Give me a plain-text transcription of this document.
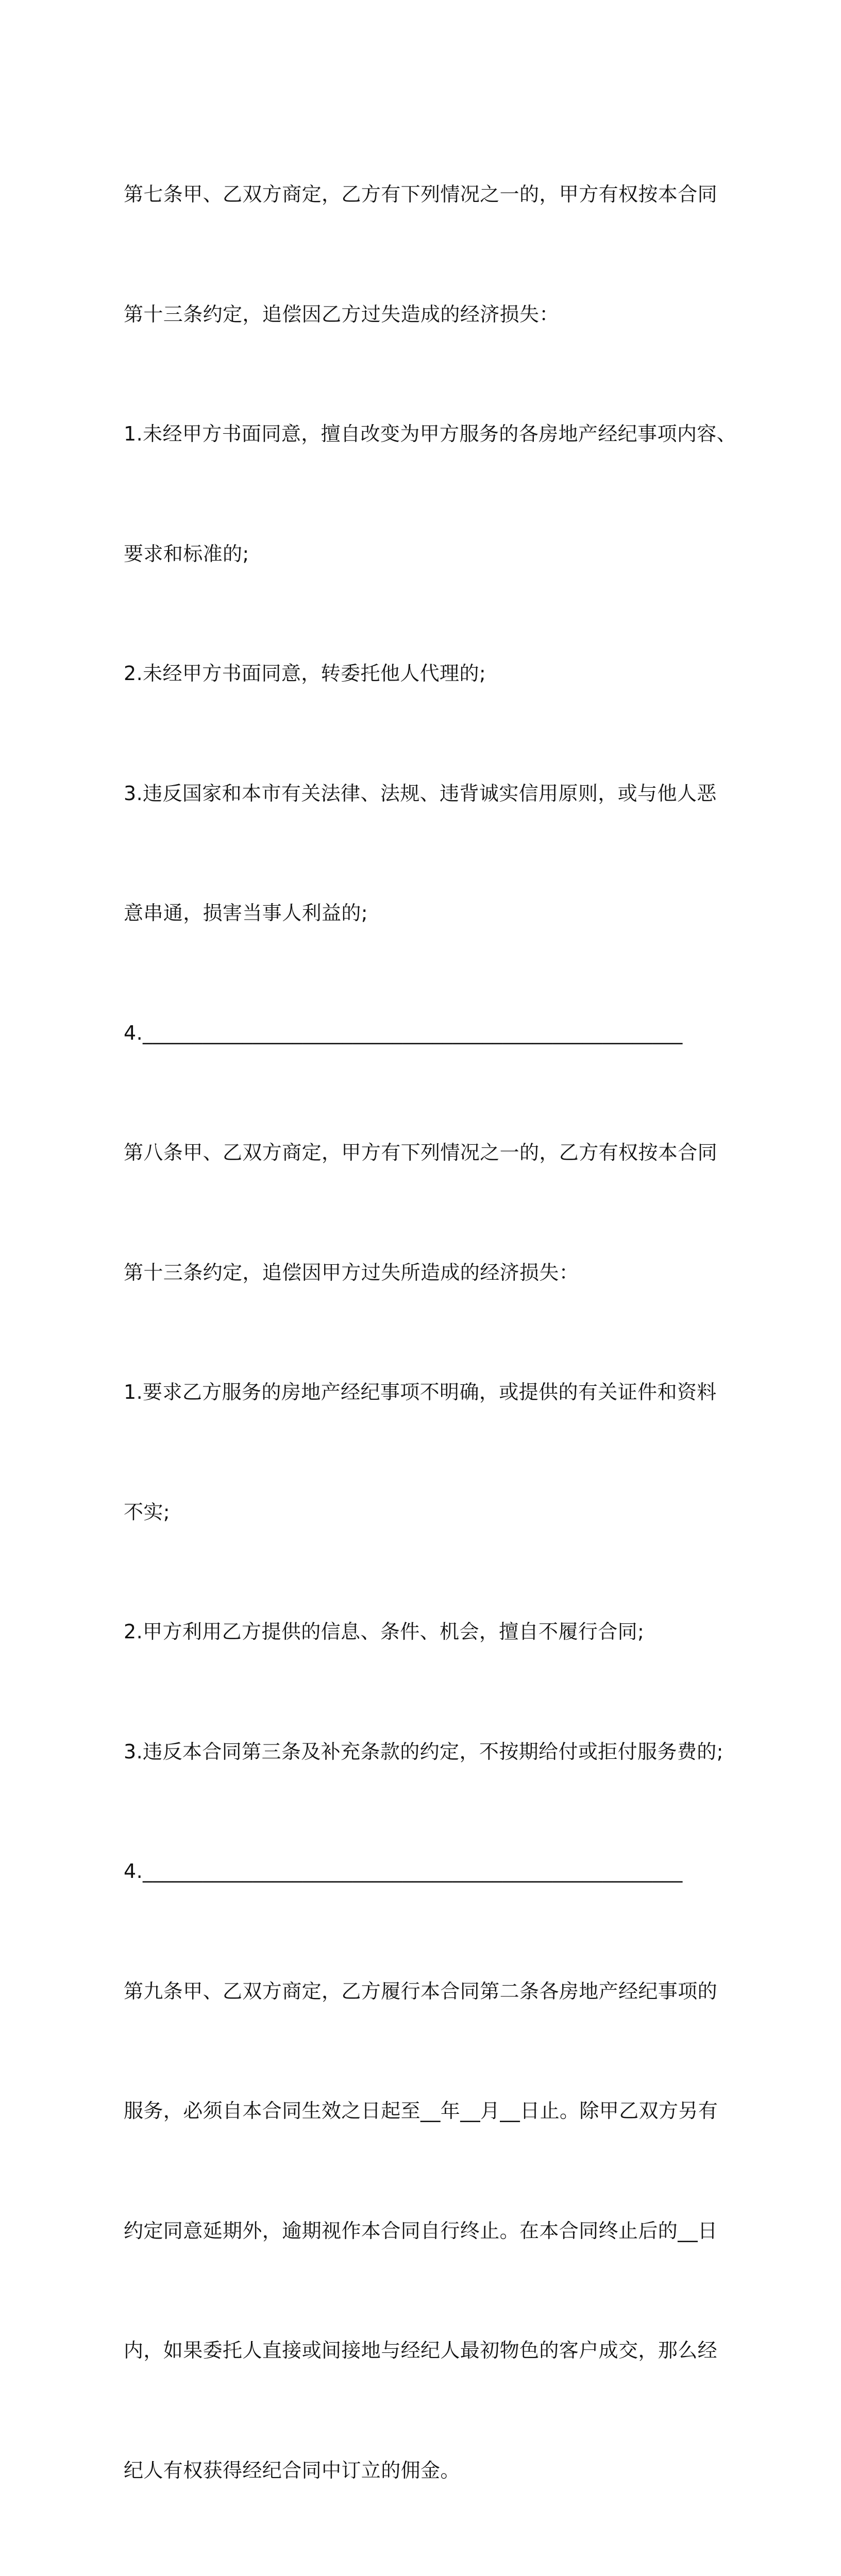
第七条甲、乙双方商定，乙方有下列情况之一的，甲方有权按本合同

第十三条约定，追偿因乙方过失造成的经济损失：

1.未经甲方书面同意，擅自改变为甲方服务的各房地产经纪事项内容、

要求和标准的;

2.未经甲方书面同意，转委托他人代理的;

3.违反国家和本市有关法律、法规、违背诚实信用原则，或与他人恶

意串通，损害当事人利益的;

4.______________________________________________________

第八条甲、乙双方商定，甲方有下列情况之一的，乙方有权按本合同

第十三条约定，追偿因甲方过失所造成的经济损失：

1.要求乙方服务的房地产经纪事项不明确，或提供的有关证件和资料

不实;

2.甲方利用乙方提供的信息、条件、机会，擅自不履行合同;

3.违反本合同第三条及补充条款的约定，不按期给付或拒付服务费的;

4.______________________________________________________

第九条甲、乙双方商定，乙方履行本合同第二条各房地产经纪事项的

服务，必须自本合同生效之日起至__年__月__日止。除甲乙双方另有

约定同意延期外，逾期视作本合同自行终止。在本合同终止后的__日

内，如果委托人直接或间接地与经纪人最初物色的客户成交，那么经

纪人有权获得经纪合同中订立的佣金。
